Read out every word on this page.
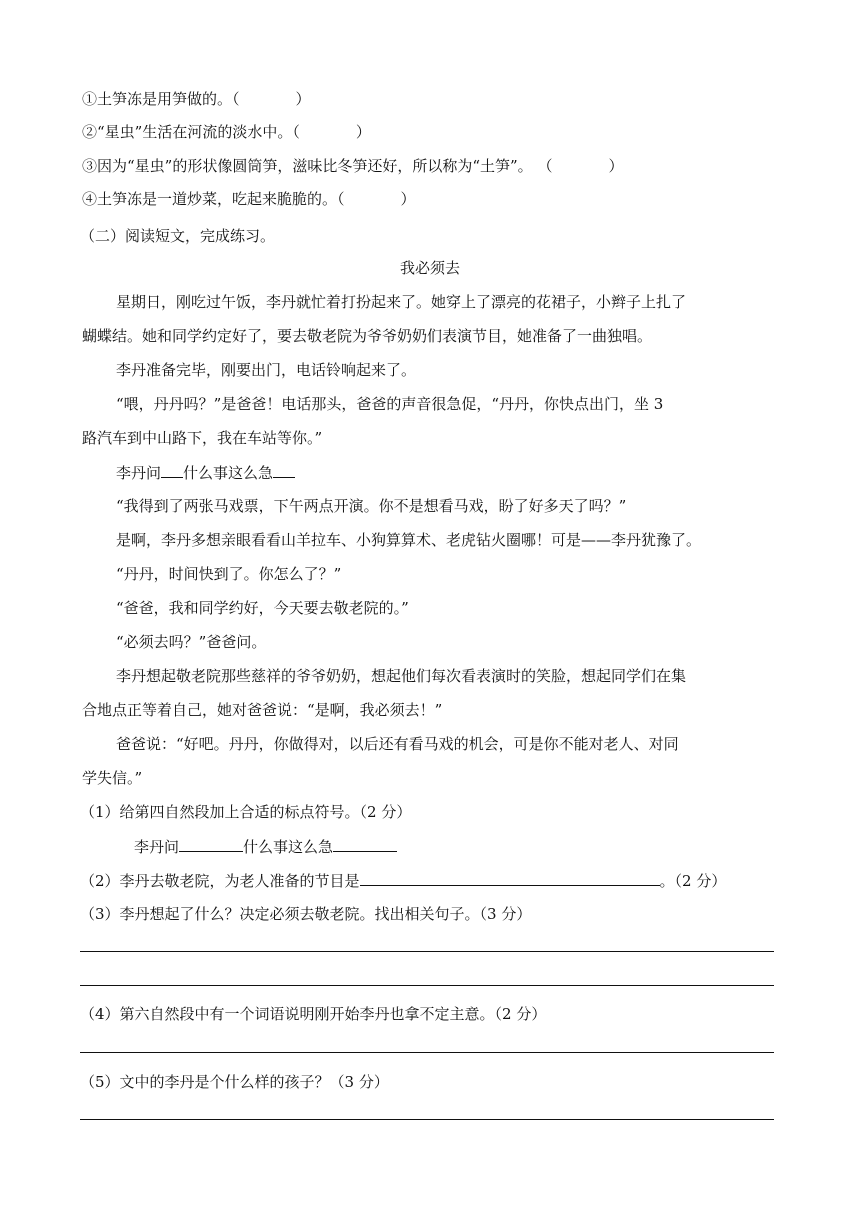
①土笋冻是用笋做的。（	）
②“星虫”生活在河流的淡水中。（	）
③因为“星虫”的形状像圆筒笋，滋味比冬笋还好，所以称为“土笋”。 （	）
④土笋冻是一道炒菜，吃起来脆脆的。（	）
（二）阅读短文，完成练习。
我必须去
星期日，刚吃过午饭，李丹就忙着打扮起来了。她穿上了漂亮的花裙子，小辫子上扎了
蝴蝶结。她和同学约定好了，要去敬老院为爷爷奶奶们表演节目，她准备了一曲独唱。
李丹准备完毕，刚要出门，电话铃响起来了。
“喂，丹丹吗？”是爸爸！电话那头，爸爸的声音很急促，“丹丹，你快点出门，坐 3
路汽车到中山路下，我在车站等你。”
李丹问 什么事这么急
“我得到了两张马戏票，下午两点开演。你不是想看马戏，盼了好多天了吗？”
是啊，李丹多想亲眼看看山羊拉车、小狗算算术、老虎钻火圈哪！可是——李丹犹豫了。
“丹丹，时间快到了。你怎么了？”
“爸爸，我和同学约好，今天要去敬老院的。”
“必须去吗？”爸爸问。
李丹想起敬老院那些慈祥的爷爷奶奶，想起他们每次看表演时的笑脸，想起同学们在集
合地点正等着自己，她对爸爸说：“是啊，我必须去！”
爸爸说：“好吧。丹丹，你做得对，以后还有看马戏的机会，可是你不能对老人、对同
学失信。”
（1）给第四自然段加上合适的标点符号。（2 分）
李丹问	什么事这么急
（2）李丹去敬老院，为老人准备的节目是	。（2 分）
（3）李丹想起了什么？决定必须去敬老院。找出相关句子。（3 分）
（4）第六自然段中有一个词语说明刚开始李丹也拿不定主意。（2 分）
（5）文中的李丹是个什么样的孩子？（3 分）
